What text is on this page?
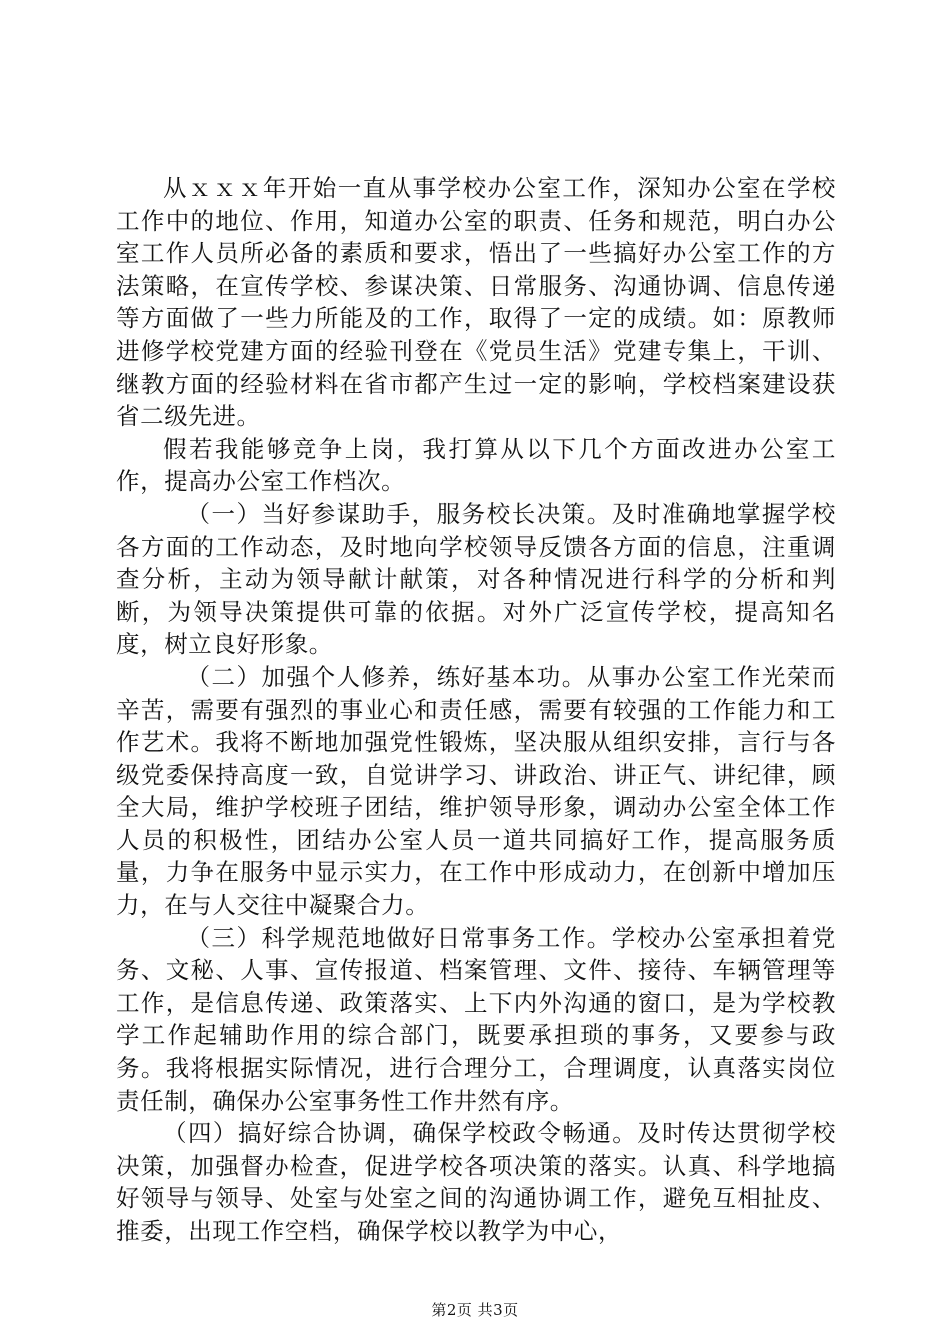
从ｘｘｘ年开始一直从事学校办公室工作，深知办公室在学校工作中的地位、作用，知道办公室的职责、任务和规范，明白办公室工作人员所必备的素质和要求，悟出了一些搞好办公室工作的方法策略，在宣传学校、参谋决策、日常服务、沟通协调、信息传递等方面做了一些力所能及的工作，取得了一定的成绩。如：原教师进修学校党建方面的经验刊登在《党员生活》党建专集上，干训、继教方面的经验材料在省市都产生过一定的影响，学校档案建设获省二级先进。

假若我能够竞争上岗，我打算从以下几个方面改进办公室工作，提高办公室工作档次。

（一）当好参谋助手，服务校长决策。及时准确地掌握学校各方面的工作动态，及时地向学校领导反馈各方面的信息，注重调查分析，主动为领导献计献策，对各种情况进行科学的分析和判断，为领导决策提供可靠的依据。对外广泛宣传学校，提高知名度，树立良好形象。

（二）加强个人修养，练好基本功。从事办公室工作光荣而辛苦，需要有强烈的事业心和责任感，需要有较强的工作能力和工作艺术。我将不断地加强党性锻炼，坚决服从组织安排，言行与各级党委保持高度一致，自觉讲学习、讲政治、讲正气、讲纪律，顾全大局，维护学校班子团结，维护领导形象，调动办公室全体工作人员的积极性，团结办公室人员一道共同搞好工作，提高服务质量，力争在服务中显示实力，在工作中形成动力，在创新中增加压力，在与人交往中凝聚合力。

（三）科学规范地做好日常事务工作。学校办公室承担着党务、文秘、人事、宣传报道、档案管理、文件、接待、车辆管理等工作，是信息传递、政策落实、上下内外沟通的窗口，是为学校教学工作起辅助作用的综合部门，既要承担琐的事务，又要参与政务。我将根据实际情况，进行合理分工，合理调度，认真落实岗位责任制，确保办公室事务性工作井然有序。

（四）搞好综合协调，确保学校政令畅通。及时传达贯彻学校决策，加强督办检查，促进学校各项决策的落实。认真、科学地搞好领导与领导、处室与处室之间的沟通协调工作，避免互相扯皮、推委，出现工作空档，确保学校以教学为中心，

第2页 共3页
